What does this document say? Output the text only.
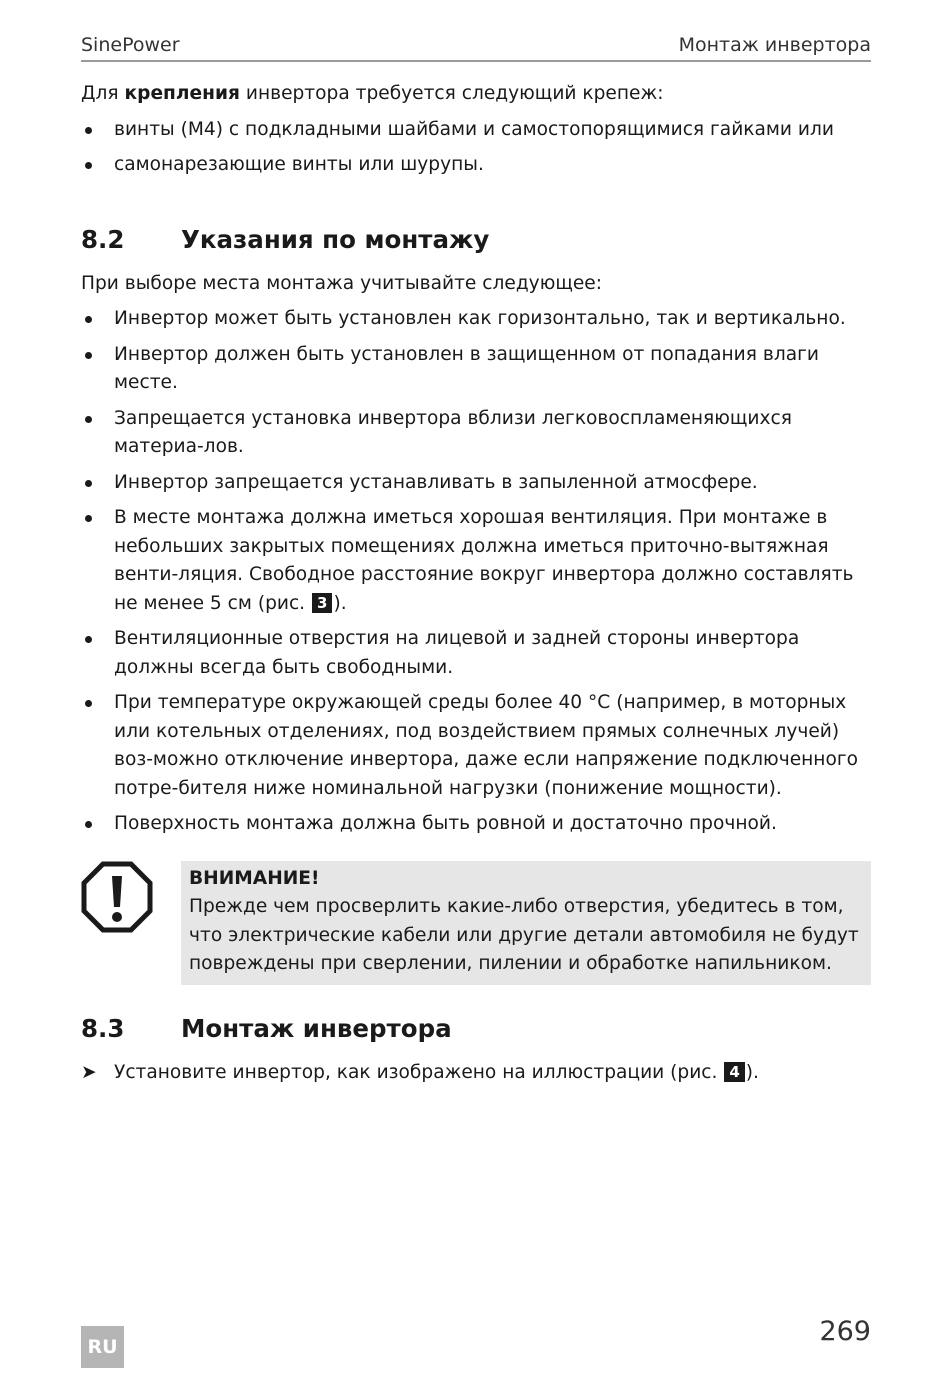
SinePower	Монтаж инвертора

Для крепления инвертора требуется следующий крепеж:

винты (M4) с подкладными шайбами и самостопорящимися гайками или
самонарезающие винты или шурупы.
8.2	Указания по монтажу

При выборе места монтажа учитывайте следующее:

Инвертор может быть установлен как горизонтально, так и вертикально.
Инвертор должен быть установлен в защищенном от попадания влаги месте.
Запрещается установка инвертора вблизи легковоспламеняющихся материа-лов.
Инвертор запрещается устанавливать в запыленной атмосфере.
В месте монтажа должна иметься хорошая вентиляция. При монтаже в небольших закрытых помещениях должна иметься приточно-вытяжная венти-ляция. Свободное расстояние вокруг инвертора должно составлять не менее 5 см (рис. 3 ).
Вентиляционные отверстия на лицевой и задней стороны инвертора должны всегда быть свободными.
При температуре окружающей среды более 40 °C (например, в моторных или котельных отделениях, под воздействием прямых солнечных лучей) воз-можно отключение инвертора, даже если напряжение подключенного потре-бителя ниже номинальной нагрузки (понижение мощности).
Поверхность монтажа должна быть ровной и достаточно прочной.
ВНИМАНИЕ!
Прежде чем просверлить какие-либо отверстия, убедитесь в том, что электрические кабели или другие детали автомобиля не будут повреждены при сверлении, пилении и обработке напильником.
8.3	Монтаж инвертора
➤ Установите инвертор, как изображено на иллюстрации (рис. 4 ).
RU	269
